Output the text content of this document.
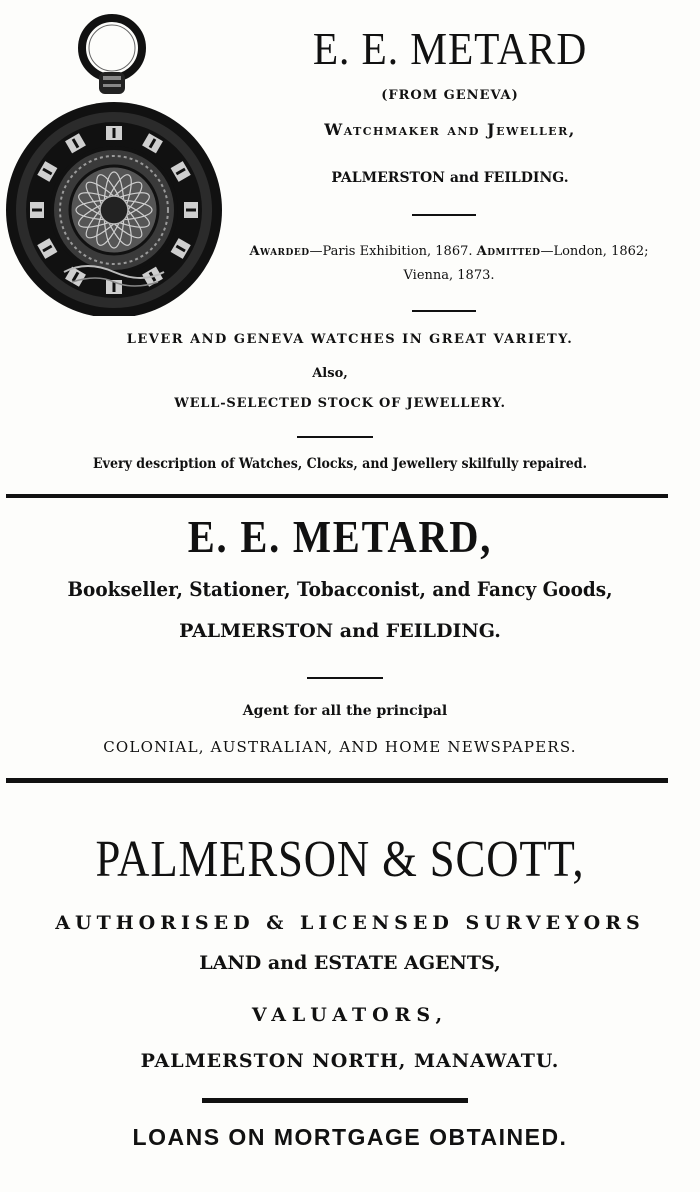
E. E. METARD
(FROM GENEVA)
Watchmaker and Jeweller,
PALMERSTON and FEILDING.
Awarded—Paris Exhibition, 1867. Admitted—London, 1862; Vienna, 1873.
LEVER AND GENEVA WATCHES IN GREAT VARIETY.
Also,
WELL-SELECTED STOCK OF JEWELLERY.
Every description of Watches, Clocks, and Jewellery skilfully repaired.
E. E. METARD,
Bookseller, Stationer, Tobacconist, and Fancy Goods,
PALMERSTON and FEILDING.
Agent for all the principal
COLONIAL, AUSTRALIAN, AND HOME NEWSPAPERS.
PALMERSON & SCOTT,
AUTHORISED & LICENSED SURVEYORS
LAND and ESTATE AGENTS,
VALUATORS,
PALMERSTON NORTH, MANAWATU.
LOANS ON MORTGAGE OBTAINED.
